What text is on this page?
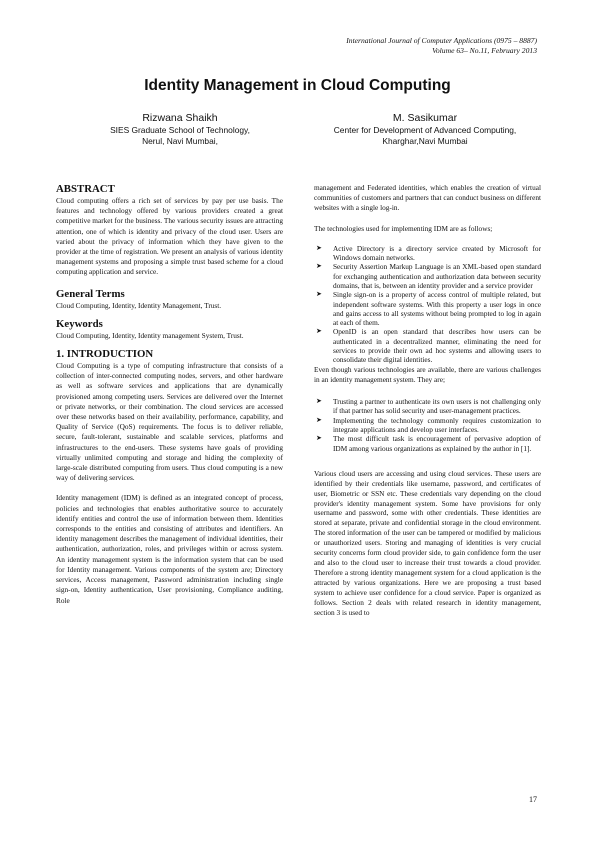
International Journal of Computer Applications (0975 – 8887)
Volume 63– No.11, February 2013
Identity Management in Cloud Computing
Rizwana Shaikh
SIES Graduate School of Technology,
Nerul, Navi Mumbai,
M. Sasikumar
Center for Development of Advanced Computing,
Kharghar,Navi Mumbai
ABSTRACT

Cloud computing offers a rich set of services by pay per use basis. The features and technology offered by various providers created a great competitive market for the business. The various security issues are attracting attention, one of which is identity and privacy of the cloud user. Users are varied about the privacy of information which they have given to the provider at the time of registration. We present an analysis of various identity management systems and proposing a simple trust based scheme for a cloud computing application and service.

General Terms

Cloud Computing, Identity, Identity Management, Trust.

Keywords

Cloud Computing, Identity, Identity management System, Trust.

1. INTRODUCTION

Cloud Computing is a type of computing infrastructure that consists of a collection of inter-connected computing nodes, servers, and other hardware as well as software services and applications that are dynamically provisioned among competing users. Services are delivered over the Internet or private networks, or their combination. The cloud services are accessed over these networks based on their availability, performance, capability, and Quality of Service (QoS) requirements. The focus is to deliver reliable, secure, fault-tolerant, sustainable and scalable services, platforms and infrastructures to the end-users. These systems have goals of providing virtually unlimited computing and storage and hiding the complexity of large-scale distributed computing from users. Thus cloud computing is a new way of delivering services.

Identity management (IDM) is defined as an integrated concept of process, policies and technologies that enables authoritative source to accurately identify entities and control the use of information between them. Identities corresponds to the entities and consisting of attributes and identifiers. An identity management describes the management of individual identities, their authentication, authorization, roles, and privileges within or across system. An identity management system is the information system that can be used for Identity management. Various components of the system are; Directory services, Access management, Password administration including single sign-on, Identity authentication, User provisioning, Compliance auditing, Role

management and Federated identities, which enables the creation of virtual communities of customers and partners that can conduct business on different websites with a single log-in.

The technologies used for implementing IDM are as follows;

➤ Active Directory is a directory service created by Microsoft for Windows domain networks.
➤ Security Assertion Markup Language is an XML-based open standard for exchanging authentication and authorization data between security domains, that is, between an identity provider and a service provider
➤ Single sign-on is a property of access control of multiple related, but independent software systems. With this property a user logs in once and gains access to all systems without being prompted to log in again at each of them.
➤ OpenID is an open standard that describes how users can be authenticated in a decentralized manner, eliminating the need for services to provide their own ad hoc systems and allowing users to consolidate their digital identities.

Even though various technologies are available, there are various challenges in an identity management system. They are;

➤ Trusting a partner to authenticate its own users is not challenging only if that partner has solid security and user-management practices.
➤ Implementing the technology commonly requires customization to integrate applications and develop user interfaces.
➤ The most difficult task is encouragement of pervasive adoption of IDM among various organizations as explained by the author in [1].

Various cloud users are accessing and using cloud services. These users are identified by their credentials like username, password, and certificates of user, Biometric or SSN etc. These credentials vary depending on the cloud provider's identity management system. Some have provisions for only username and password, some with other credentials. These identities are stored at separate, private and confidential storage in the cloud environment. The stored information of the user can be tampered or modified by malicious or unauthorized users. Storing and managing of identities is very crucial security concerns form cloud provider side, to gain confidence form the user and also to the cloud user to increase their trust towards a cloud provider. Therefore a strong identity management system for a cloud application is the attracted by various organizations. Here we are proposing a trust based system to achieve user confidence for a cloud service. Paper is organized as follows. Section 2 deals with related research in identity management, section 3 is used to

17
